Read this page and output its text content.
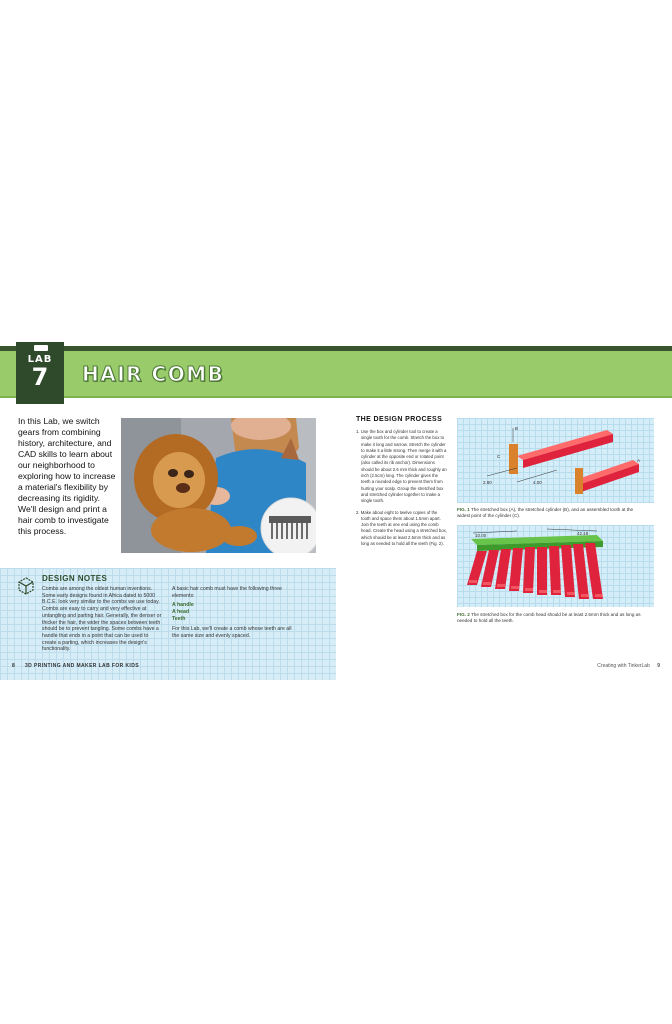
LAB
7	HAIR COMB
In this Lab, we switch gears from combining history, architecture, and CAD skills to learn about our neighborhood to exploring how to increase a material's flexibility by decreasing its rigidity. We'll design and print a hair comb to investigate this process.
DESIGN NOTES
Combs are among the oldest human inventions. Some early designs found in Africa dated to 5000 B.C.E. look very similar to the combs we use today. Combs are easy to carry and very effective at untangling and parting hair. Generally, the denser or thicker the hair, the wider the spaces between teeth should be to prevent tangling. Some combs have a handle that ends in a point that can be used to create a parting, which increases the design's functionality.
A basic hair comb must have the following three elements:
A handle
A head
Teeth
For this Lab, we'll create a comb whose teeth are all the same size and evenly spaced.
8 3D PRINTING AND MAKER LAB FOR KIDS
THE DESIGN PROCESS

1. Use the box and cylinder tool to create a single tooth for the comb. Stretch the box to make it long and narrow. Stretch the cylinder to make it a little strong. Then merge it with a cylinder at the opposite end or rotated point (also called its rib anchor). Dimensions should be about 2.6 mm thick and roughly an inch (2.5cm) long. The cylinder gives the teeth a rounded edge to prevent them from hurting your scalp. Group the stretched box and stretched cylinder together to make a single tooth.

2. Make about eight to twelve copies of the tooth and space them about 1.5mm apart. Join the teeth at one end using the comb head. Create the head using a stretched box, which should be at least 2.5mm thick and as long as needed to hold all the teeth (Fig. 2).

2.80	4.00
A
B
C
FIG. 1 The stretched box (A), the stretched cylinder (B), and an assembled tooth at the widest point of the cylinder (C).
10.00	42.18
FIG. 2 The stretched box for the comb head should be at least 2.5mm thick and as long as needed to hold all the teeth.
Creating with TinkerLab 9
